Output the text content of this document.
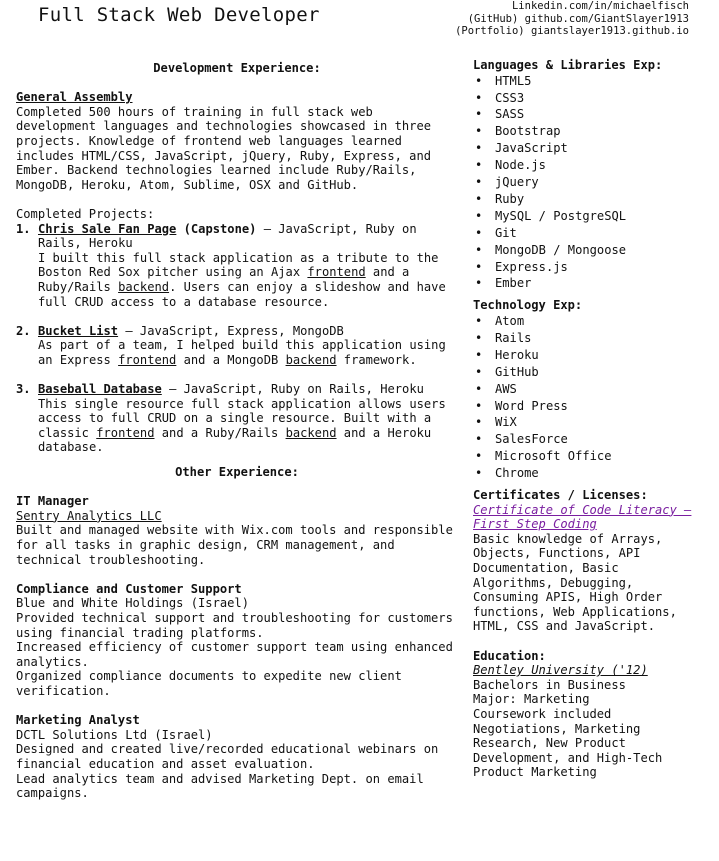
Full Stack Web Developer	Linkedin.com/in/michaelfisch
(GitHub) github.com/GiantSlayer1913
(Portfolio) giantslayer1913.github.io
Development Experience:
General Assembly
Completed 500 hours of training in full stack web development languages and technologies showcased in three projects. Knowledge of frontend web languages learned includes HTML/CSS, JavaScript, jQuery, Ruby, Express, and Ember. Backend technologies learned include Ruby/Rails, MongoDB, Heroku, Atom, Sublime, OSX and GitHub.
Completed Projects:
1. Chris Sale Fan Page (Capstone) – JavaScript, Ruby on Rails, Heroku
I built this full stack application as a tribute to the Boston Red Sox pitcher using an Ajax frontend and a Ruby/Rails backend. Users can enjoy a slideshow and have full CRUD access to a database resource.
2. Bucket List – JavaScript, Express, MongoDB
As part of a team, I helped build this application using an Express frontend and a MongoDB backend framework.
3. Baseball Database – JavaScript, Ruby on Rails, Heroku
This single resource full stack application allows users access to full CRUD on a single resource. Built with a classic frontend and a Ruby/Rails backend and a Heroku database.
Other Experience:
IT Manager
Sentry Analytics LLC
Built and managed website with Wix.com tools and responsible for all tasks in graphic design, CRM management, and technical troubleshooting.
Compliance and Customer Support
Blue and White Holdings (Israel)
Provided technical support and troubleshooting for customers using financial trading platforms.
Increased efficiency of customer support team using enhanced analytics.
Organized compliance documents to expedite new client verification.
Marketing Analyst
DCTL Solutions Ltd (Israel)
Designed and created live/recorded educational webinars on financial education and asset evaluation.
Lead analytics team and advised Marketing Dept. on email campaigns.
Languages & Libraries Exp:
•	HTML5
•	CSS3
•	SASS
•	Bootstrap
•	JavaScript
•	Node.js
•	jQuery
•	Ruby
•	MySQL / PostgreSQL
•	Git
•	MongoDB / Mongoose
•	Express.js
•	Ember
Technology Exp:
•	Atom
•	Rails
•	Heroku
•	GitHub
•	AWS
•	Word Press
•	WiX
•	SalesForce
•	Microsoft Office
•	Chrome
Certificates / Licenses:
Certificate of Code Literacy – First Step Coding
Basic knowledge of Arrays, Objects, Functions, API Documentation, Basic Algorithms, Debugging, Consuming APIS, High Order functions, Web Applications, HTML, CSS and JavaScript.
Education:
Bentley University ('12)
Bachelors in Business
Major: Marketing
Coursework included Negotiations, Marketing Research, New Product Development, and High-Tech Product Marketing
